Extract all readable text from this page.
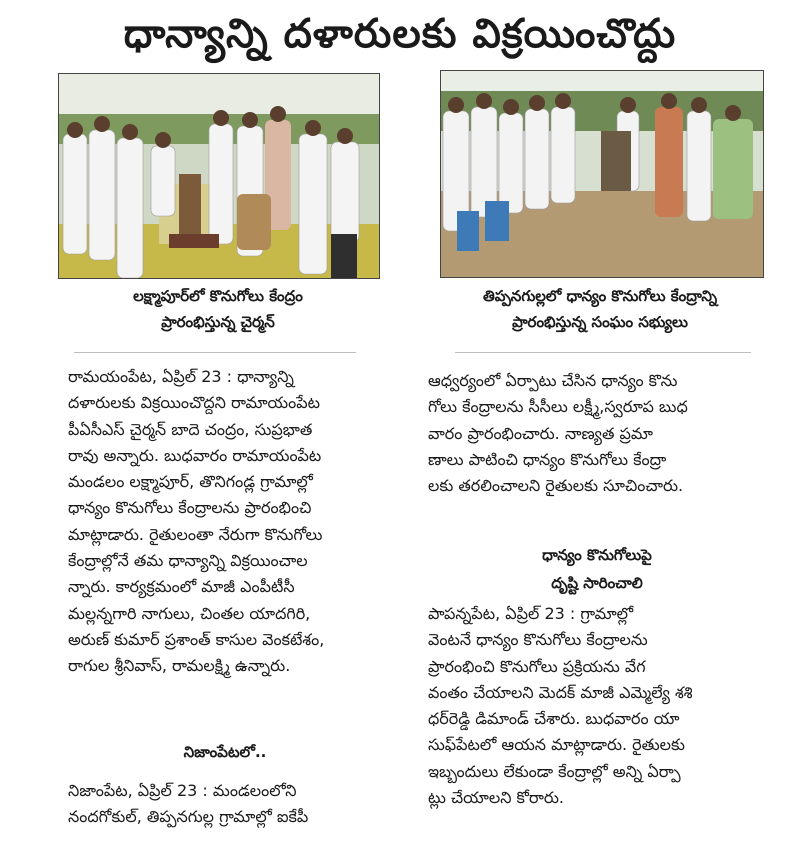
ధాన్యాన్ని దళారులకు విక్రయించొద్దు
లక్ష్మాపూర్‌లో కొనుగోలు కేంద్రం
ప్రారంభిస్తున్న చైర్మన్
తిప్పనగుల్లలో ధాన్యం కొనుగోలు కేంద్రాన్ని
ప్రారంభిస్తున్న సంఘం సభ్యులు
రామయంపేట, ఏప్రిల్ 23 : ధాన్యాన్ని
దళారులకు విక్రయించొద్దని రామాయంపేట
పీఏసీఎస్ చైర్మన్ బాదె చంద్రం, సుప్రభాత
రావు అన్నారు. బుధవారం రామాయంపేట
మండలం లక్ష్మాపూర్, తొనిగండ్ల గ్రామాల్లో
ధాన్యం కొనుగోలు కేంద్రాలను ప్రారంభించి
మాట్లాడారు. రైతులంతా నేరుగా కొనుగోలు
కేంద్రాల్లోనే తమ ధాన్యాన్ని విక్రయించాల
న్నారు. కార్యక్రమంలో మాజీ ఎంపీటీసీ
మల్లన్నగారి నాగులు, చింతల యాదగిరి,
అరుణ్ కుమార్ ప్రశాంత్ కాసుల వెంకటేశం,
రాగుల శ్రీనివాస్, రామలక్ష్మి ఉన్నారు.
నిజాంపేటలో..
నిజాంపేట, ఏప్రిల్ 23 : మండలంలోని
నందగోకుల్, తిప్పనగుల్ల గ్రామాల్లో ఐకేపీ
ఆధ్వర్యంలో ఏర్పాటు చేసిన ధాన్యం కొను
గోలు కేంద్రాలను సీసీలు లక్ష్మీ,స్వరూప బుధ
వారం ప్రారంభించారు. నాణ్యత ప్రమా
ణాలు పాటించి ధాన్యం కొనుగోలు కేంద్రా
లకు తరలించాలని రైతులకు సూచించారు.
ధాన్యం కొనుగోలుపై
దృష్టి సారించాలి
పాపన్నపేట, ఏప్రిల్ 23 : గ్రామాల్లో
వెంటనే ధాన్యం కొనుగోలు కేంద్రాలను
ప్రారంభించి కొనుగోలు ప్రక్రియను వేగ
వంతం చేయాలని మెదక్ మాజీ ఎమ్మెల్యే శశి
ధర్‌రెడ్డి డిమాండ్ చేశారు. బుధవారం యా
సుఫ్‌పేటలో ఆయన మాట్లాడారు. రైతులకు
ఇబ్బందులు లేకుండా కేంద్రాల్లో అన్ని ఏర్పా
ట్లు చేయాలని కోరారు.
